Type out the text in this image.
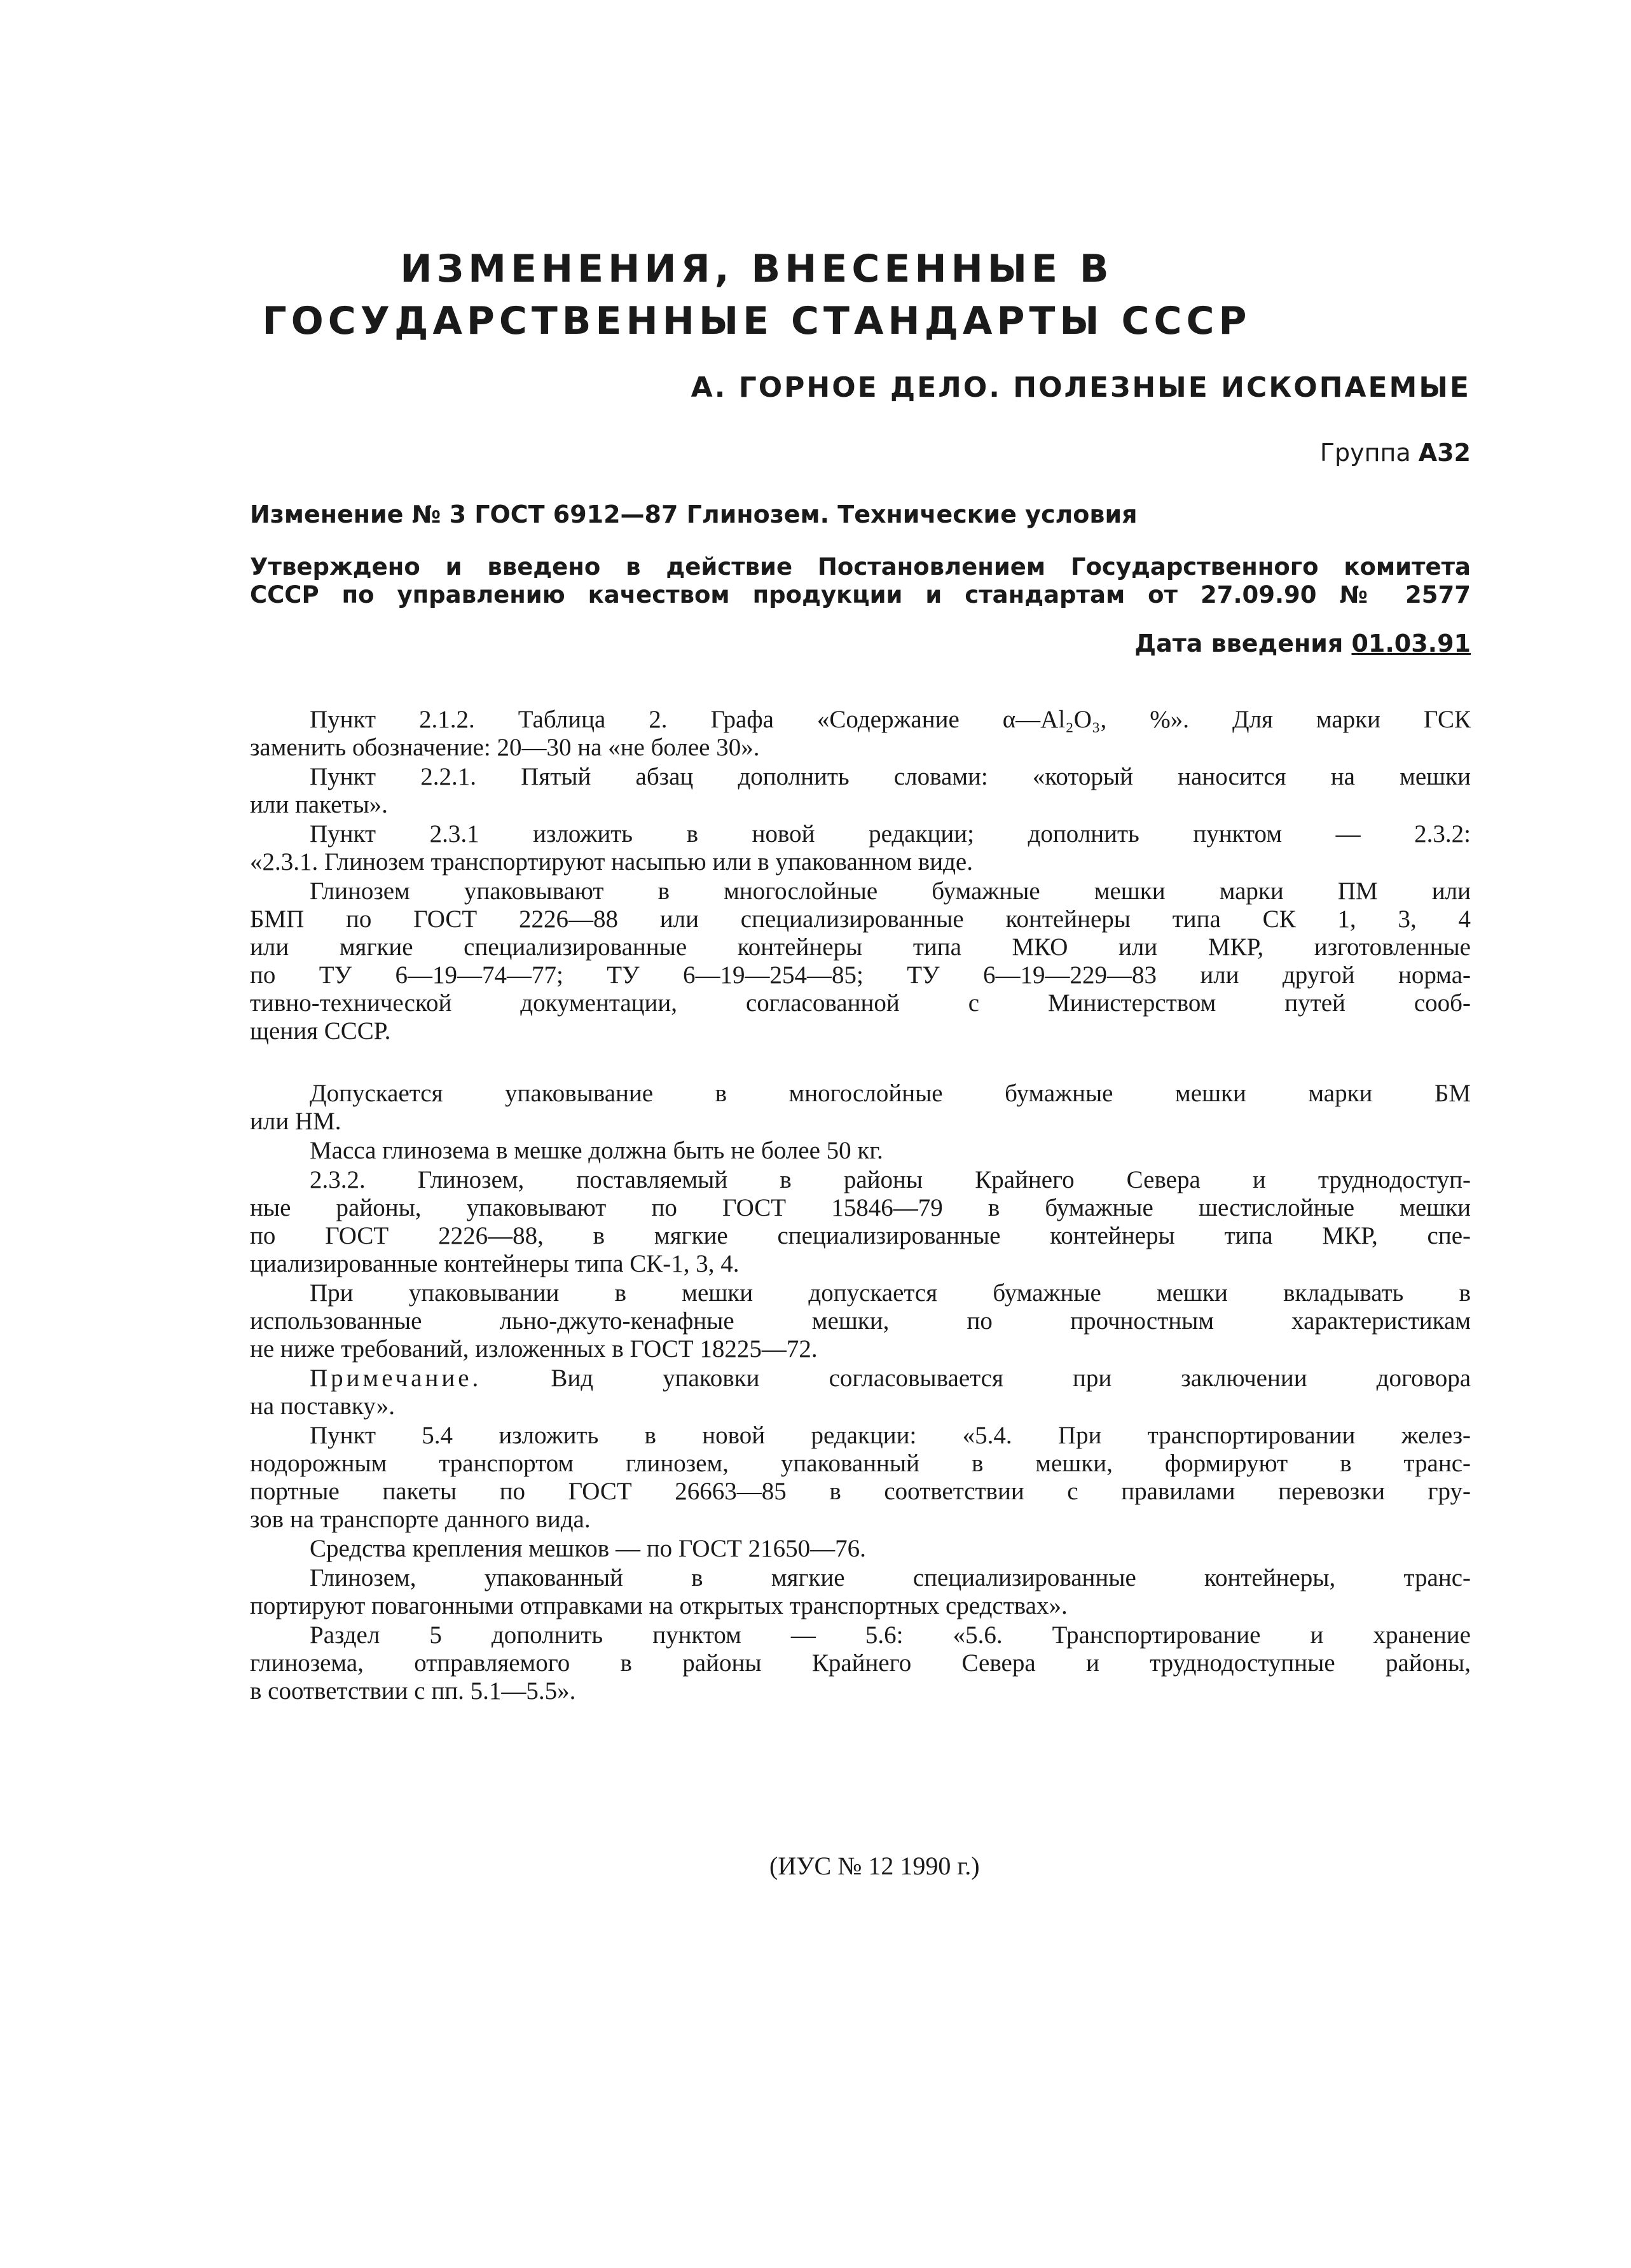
ИЗМЕНЕНИЯ, ВНЕСЕННЫЕ В
ГОСУДАРСТВЕННЫЕ СТАНДАРТЫ СССР
А. ГОРНОЕ ДЕЛО. ПОЛЕЗНЫЕ ИСКОПАЕМЫЕ
Группа А32
Изменение № 3 ГОСТ 6912—87 Глинозем. Технические условия
Утверждено и введено в действие Постановлением Государственного комитета
СССР по управлению качеством продукции и стандартам от 27.09.90 № 2577
Дата введения 01.03.91
Пункт 2.1.2. Таблица 2. Графа «Содержание α—Al₂O₃, %». Для марки ГСК
заменить обозначение: 20—30 на «не более 30».
Пункт 2.2.1. Пятый абзац дополнить словами: «который наносится на мешки
или пакеты».
Пункт 2.3.1 изложить в новой редакции; дополнить пунктом — 2.3.2:
«2.3.1. Глинозем транспортируют насыпью или в упакованном виде.
Глинозем упаковывают в многослойные бумажные мешки марки ПМ или
БМП по ГОСТ 2226—88 или специализированные контейнеры типа СК 1, 3, 4
или мягкие специализированные контейнеры типа МКО или МКР, изготовленные
по ТУ 6—19—74—77; ТУ 6—19—254—85; ТУ 6—19—229—83 или другой норма-
тивно-технической документации, согласованной с Министерством путей сооб-
щения СССР.
Допускается упаковывание в многослойные бумажные мешки марки БМ
или НМ.
Масса глинозема в мешке должна быть не более 50 кг.
2.3.2. Глинозем, поставляемый в районы Крайнего Севера и труднодоступ-
ные районы, упаковывают по ГОСТ 15846—79 в бумажные шестислойные мешки
по ГОСТ 2226—88, в мягкие специализированные контейнеры типа МКР, спе-
циализированные контейнеры типа СК-1, 3, 4.
При упаковывании в мешки допускается бумажные мешки вкладывать в
использованные льно-джуто-кенафные мешки, по прочностным характеристикам
не ниже требований, изложенных в ГОСТ 18225—72.
Примечание.	Вид упаковки согласовывается при заключении договора
на поставку».
Пункт 5.4 изложить в новой редакции: «5.4. При транспортировании желез-
нодорожным транспортом глинозем, упакованный в мешки, формируют в транс-
портные пакеты по ГОСТ 26663—85 в соответствии с правилами перевозки гру-
зов на транспорте данного вида.
Средства крепления мешков — по ГОСТ 21650—76.
Глинозем, упакованный в мягкие специализированные контейнеры, транс-
портируют повагонными отправками на открытых транспортных средствах».
Раздел 5 дополнить пунктом — 5.6: «5.6. Транспортирование и хранение
глинозема, отправляемого в районы Крайнего Севера и труднодоступные районы,
в соответствии с пп. 5.1—5.5».
(ИУС № 12 1990 г.)
